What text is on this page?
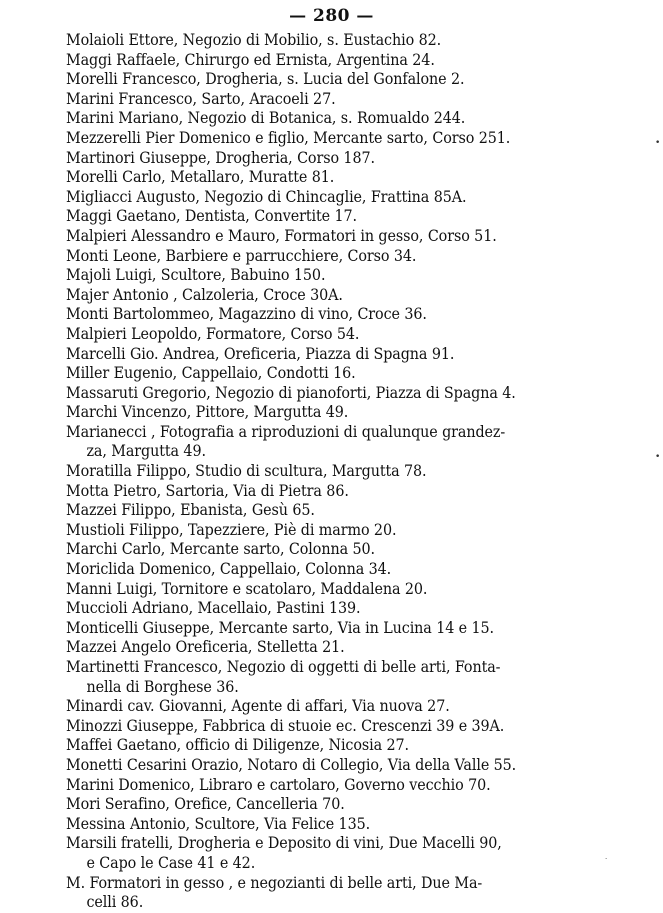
— 280 —
Molaioli Ettore, Negozio di Mobilio, s. Eustachio 82.
Maggi Raffaele, Chirurgo ed Ernista, Argentina 24.
Morelli Francesco, Drogheria, s. Lucia del Gonfalone 2.
Marini Francesco, Sarto, Aracoeli 27.
Marini Mariano, Negozio di Botanica, s. Romualdo 244.
Mezzerelli Pier Domenico e figlio, Mercante sarto, Corso 251.
Martinori Giuseppe, Drogheria, Corso 187.
Morelli Carlo, Metallaro, Muratte 81.
Migliacci Augusto, Negozio di Chincaglie, Frattina 85A.
Maggi Gaetano, Dentista, Convertite 17.
Malpieri Alessandro e Mauro, Formatori in gesso, Corso 51.
Monti Leone, Barbiere e parrucchiere, Corso 34.
Majoli Luigi, Scultore, Babuino 150.
Majer Antonio , Calzoleria, Croce 30A.
Monti Bartolommeo, Magazzino di vino, Croce 36.
Malpieri Leopoldo, Formatore, Corso 54.
Marcelli Gio. Andrea, Oreficeria, Piazza di Spagna 91.
Miller Eugenio, Cappellaio, Condotti 16.
Massaruti Gregorio, Negozio di pianoforti, Piazza di Spagna 4.
Marchi Vincenzo, Pittore, Margutta 49.
Marianecci , Fotografia a riproduzioni di qualunque grandez-
za, Margutta 49.
Moratilla Filippo, Studio di scultura, Margutta 78.
Motta Pietro, Sartoria, Via di Pietra 86.
Mazzei Filippo, Ebanista, Gesù 65.
Mustioli Filippo, Tapezziere, Piè di marmo 20.
Marchi Carlo, Mercante sarto, Colonna 50.
Moriclida Domenico, Cappellaio, Colonna 34.
Manni Luigi, Tornitore e scatolaro, Maddalena 20.
Muccioli Adriano, Macellaio, Pastini 139.
Monticelli Giuseppe, Mercante sarto, Via in Lucina 14 e 15.
Mazzei Angelo Oreficeria, Stelletta 21.
Martinetti Francesco, Negozio di oggetti di belle arti, Fonta-
nella di Borghese 36.
Minardi cav. Giovanni, Agente di affari, Via nuova 27.
Minozzi Giuseppe, Fabbrica di stuoie ec. Crescenzi 39 e 39A.
Maffei Gaetano, officio di Diligenze, Nicosia 27.
Monetti Cesarini Orazio, Notaro di Collegio, Via della Valle 55.
Marini Domenico, Libraro e cartolaro, Governo vecchio 70.
Mori Serafino, Orefice, Cancelleria 70.
Messina Antonio, Scultore, Via Felice 135.
Marsili fratelli, Drogheria e Deposito di vini, Due Macelli 90,
e Capo le Case 41 e 42.
M. Formatori in gesso , e negozianti di belle arti, Due Ma-
celli 86.
•
•
·
